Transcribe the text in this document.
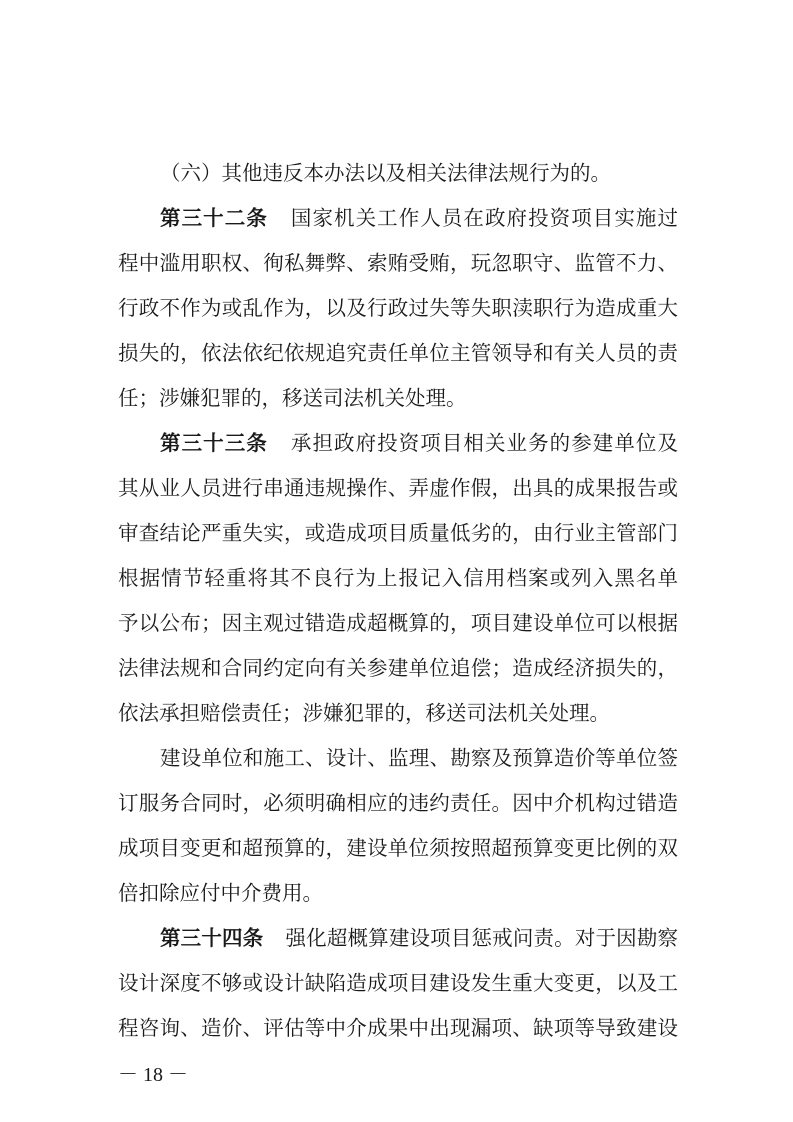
（六）其他违反本办法以及相关法律法规行为的。
第三十二条 国家机关工作人员在政府投资项目实施过
程中滥用职权、徇私舞弊、索贿受贿，玩忽职守、监管不力、
行政不作为或乱作为，以及行政过失等失职渎职行为造成重大
损失的，依法依纪依规追究责任单位主管领导和有关人员的责
任；涉嫌犯罪的，移送司法机关处理。
第三十三条 承担政府投资项目相关业务的参建单位及
其从业人员进行串通违规操作、弄虚作假，出具的成果报告或
审查结论严重失实，或造成项目质量低劣的，由行业主管部门
根据情节轻重将其不良行为上报记入信用档案或列入黑名单
予以公布；因主观过错造成超概算的，项目建设单位可以根据
法律法规和合同约定向有关参建单位追偿；造成经济损失的，
依法承担赔偿责任；涉嫌犯罪的，移送司法机关处理。
建设单位和施工、设计、监理、勘察及预算造价等单位签
订服务合同时，必须明确相应的违约责任。因中介机构过错造
成项目变更和超预算的，建设单位须按照超预算变更比例的双
倍扣除应付中介费用。
第三十四条 强化超概算建设项目惩戒问责。对于因勘察
设计深度不够或设计缺陷造成项目建设发生重大变更，以及工
程咨询、造价、评估等中介成果中出现漏项、缺项等导致建设
－ 18 －
